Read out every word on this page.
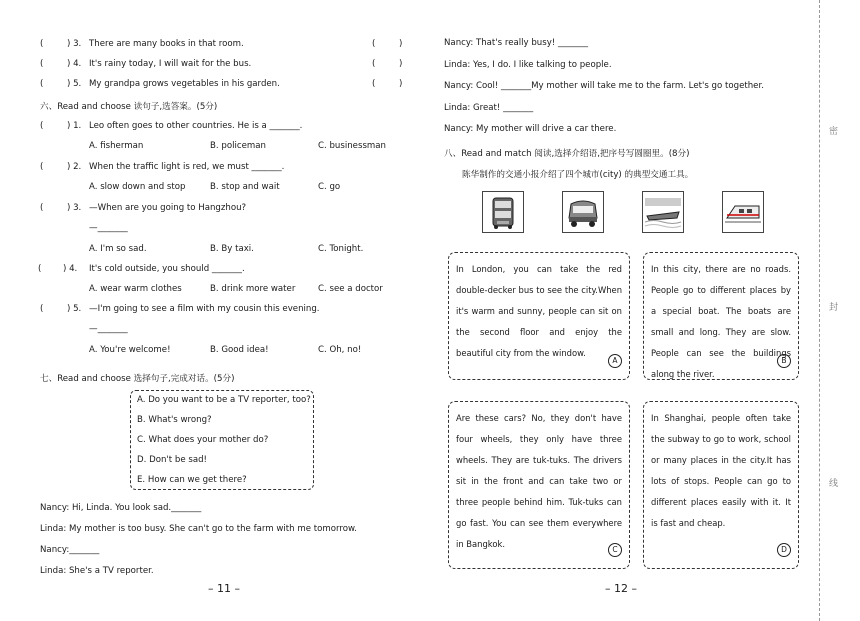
(	) 3. There are many books in that room.	(	)
(	) 4. It's rainy today, I will wait for the bus.	(	)
(	) 5. My grandpa grows vegetables in his garden.	(	)
六、Read and choose 读句子,选答案。(5分)
(	) 1. Leo often goes to other countries. He is a _______.
A. fisherman	B. policeman	C. businessman
(	) 2. When the traffic light is red, we must _______.
A. slow down and stop	B. stop and wait	C. go
(	) 3. —When are you going to Hangzhou?
—_______
A. I'm so sad.	B. By taxi.	C. Tonight.
(	) 4. It's cold outside, you should _______.
A. wear warm clothes	B. drink more water	C. see a doctor
(	) 5. —I'm going to see a film with my cousin this evening.
—_______
A. You're welcome!	B. Good idea!	C. Oh, no!
七、Read and choose 选择句子,完成对话。(5分)
A. Do you want to be a TV reporter, too?
B. What's wrong?
C. What does your mother do?
D. Don't be sad!
E. How can we get there?
Nancy: Hi, Linda. You look sad._______
Linda: My mother is too busy. She can't go to the farm with me tomorrow.
Nancy:_______
Linda: She's a TV reporter.
– 11 –
Nancy: That's really busy! _______
Linda: Yes, I do. I like talking to people.
Nancy: Cool! _______My mother will take me to the farm. Let's go together.
Linda: Great! _______
Nancy: My mother will drive a car there.
八、Read and match 阅读,选择介绍语,把序号写圆圈里。(8分)
陈华制作的交通小报介绍了四个城市(city) 的典型交通工具。
In London, you can take the red double-decker bus to see the city.When it's warm and sunny, people can sit on the second floor and enjoy the beautiful city from the window.
A
In this city, there are no roads. People go to different places by a special boat. The boats are small and long. They are slow. People can see the buildings along the river.
B
Are these cars? No, they don't have four wheels, they only have three wheels. They are tuk-tuks. The drivers sit in the front and can take two or three people behind him. Tuk-tuks can go fast. You can see them everywhere in Bangkok.
C
In Shanghai, people often take the subway to go to work, school or many places in the city.It has lots of stops. People can go to different places easily with it. It is fast and cheap.
D
– 12 –
密
封
线
